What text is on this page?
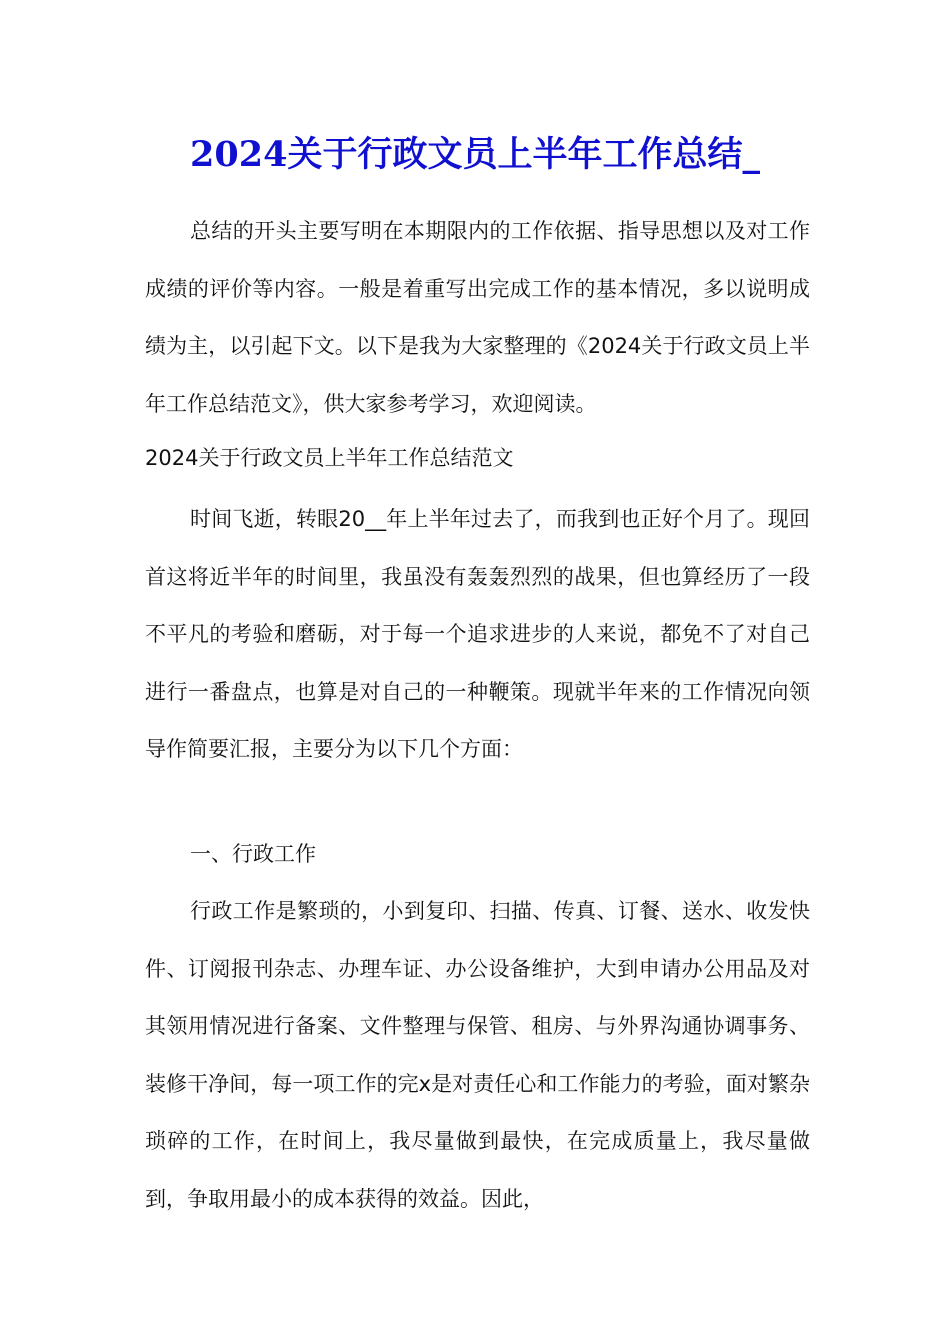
2024关于行政文员上半年工作总结_

总结的开头主要写明在本期限内的工作依据、指导思想以及对工作成绩的评价等内容。一般是着重写出完成工作的基本情况，多以说明成绩为主，以引起下文。以下是我为大家整理的《2024关于行政文员上半年工作总结范文》，供大家参考学习，欢迎阅读。
2024关于行政文员上半年工作总结范文

时间飞逝，转眼20__年上半年过去了，而我到也正好个月了。现回首这将近半年的时间里，我虽没有轰轰烈烈的战果，但也算经历了一段不平凡的考验和磨砺，对于每一个追求进步的人来说，都免不了对自己进行一番盘点，也算是对自己的一种鞭策。现就半年来的工作情况向领导作简要汇报，主要分为以下几个方面：

一、行政工作

行政工作是繁琐的，小到复印、扫描、传真、订餐、送水、收发快件、订阅报刊杂志、办理车证、办公设备维护，大到申请办公用品及对其领用情况进行备案、文件整理与保管、租房、与外界沟通协调事务、装修干净间，每一项工作的完x是对责任心和工作能力的考验，面对繁杂琐碎的工作，在时间上，我尽量做到最快，在完成质量上，我尽量做到，争取用最小的成本获得的效益。因此，
